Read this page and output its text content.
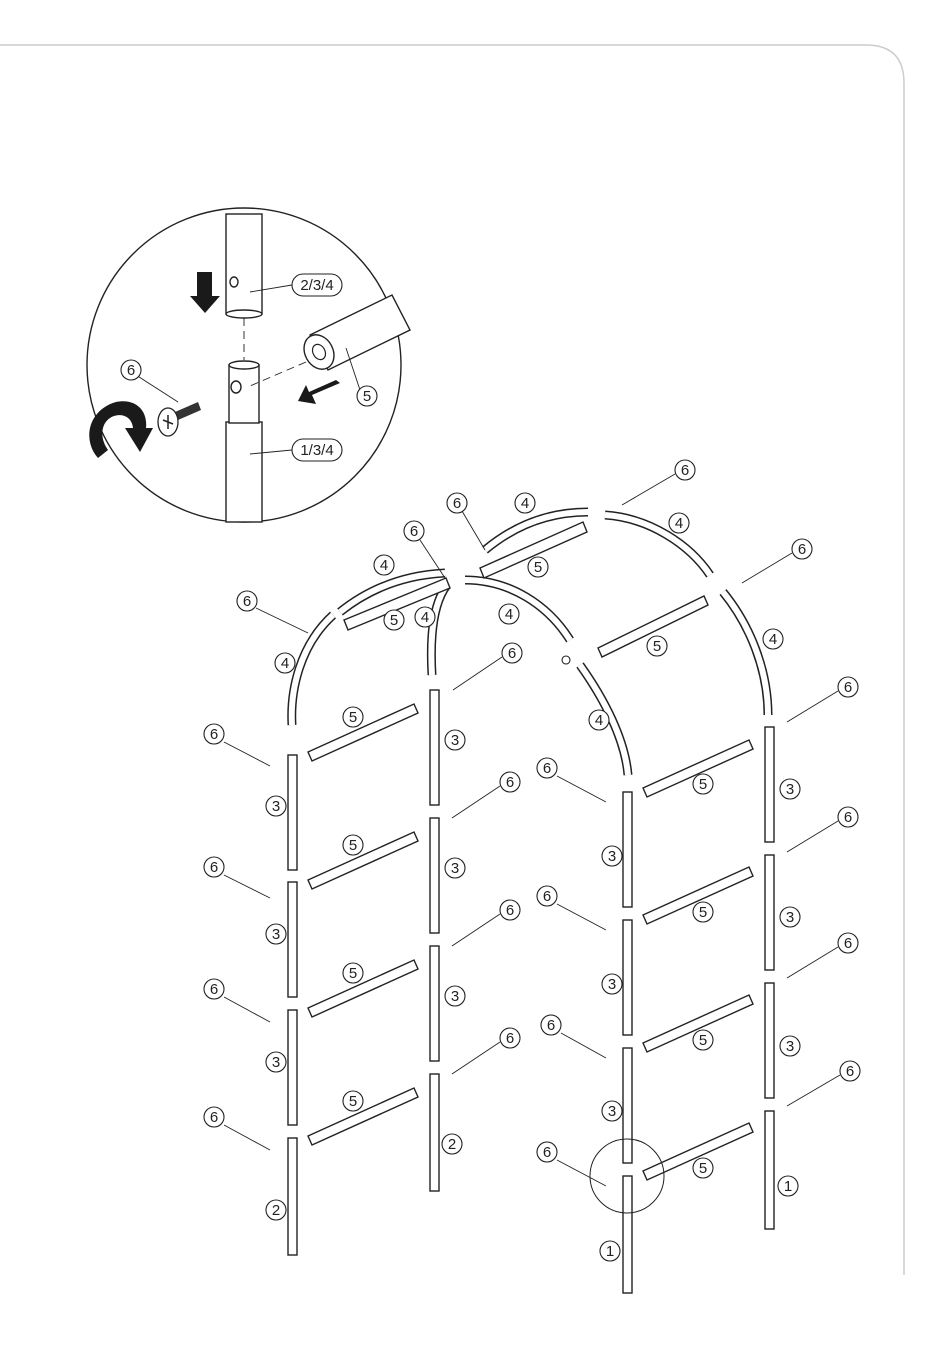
2/3/4
1/3/4
5
6
6
6
6
6
6
6
6
6
6
6
6
6
6
6
6
6
6
6
6
6
6
4
4
4	4
4
4
4
4
5
5
5
5
5
5
5
5
5
5
5
3
3
3
2
3
3
3
2
3
3
3
1
3
3
3
1
